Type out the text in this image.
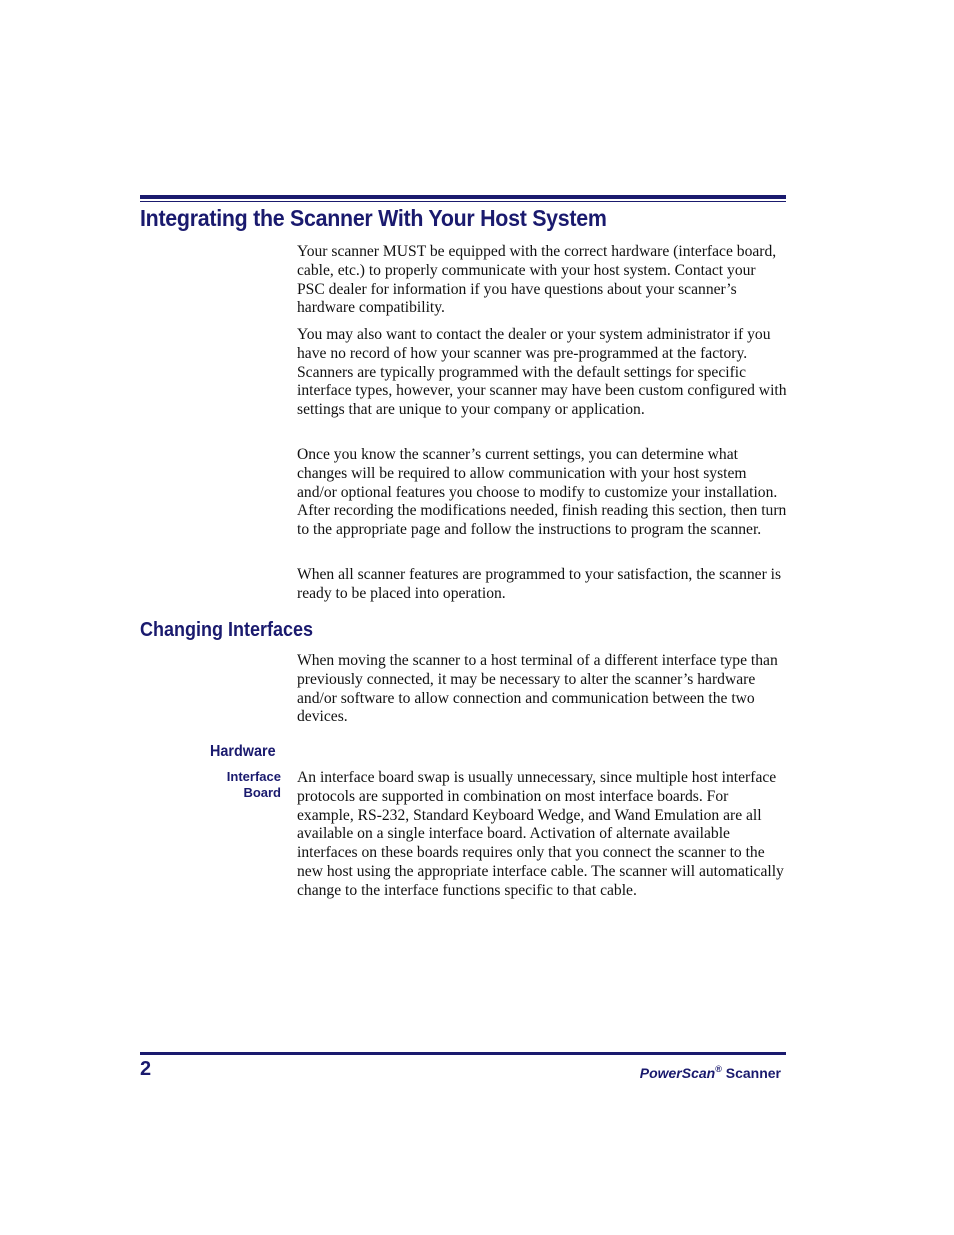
Integrating the Scanner With Your Host System

Your scanner MUST be equipped with the correct hardware (interface board, cable, etc.) to properly communicate with your host system. Contact your PSC dealer for information if you have questions about your scanner’s hardware compatibility.

You may also want to contact the dealer or your system administrator if you have no record of how your scanner was pre-programmed at the factory. Scanners are typically programmed with the default settings for specific interface types, however, your scanner may have been custom configured with settings that are unique to your company or application.

Once you know the scanner’s current settings, you can determine what changes will be required to allow communication with your host system and/or optional features you choose to modify to customize your installation. After recording the modifications needed, finish reading this section, then turn to the appropriate page and follow the instructions to program the scanner.

When all scanner features are programmed to your satisfaction, the scanner is ready to be placed into operation.

Changing Interfaces

When moving the scanner to a host terminal of a different interface type than previously connected, it may be necessary to alter the scanner’s hardware and/or software to allow connection and communication between the two devices.

Hardware
Interface
Board

An interface board swap is usually unnecessary, since multiple host interface protocols are supported in combination on most interface boards. For example, RS-232, Standard Keyboard Wedge, and Wand Emulation are all available on a single interface board. Activation of alternate available interfaces on these boards requires only that you connect the scanner to the new host using the appropriate interface cable. The scanner will automatically change to the interface functions specific to that cable.

2	PowerScan® Scanner
